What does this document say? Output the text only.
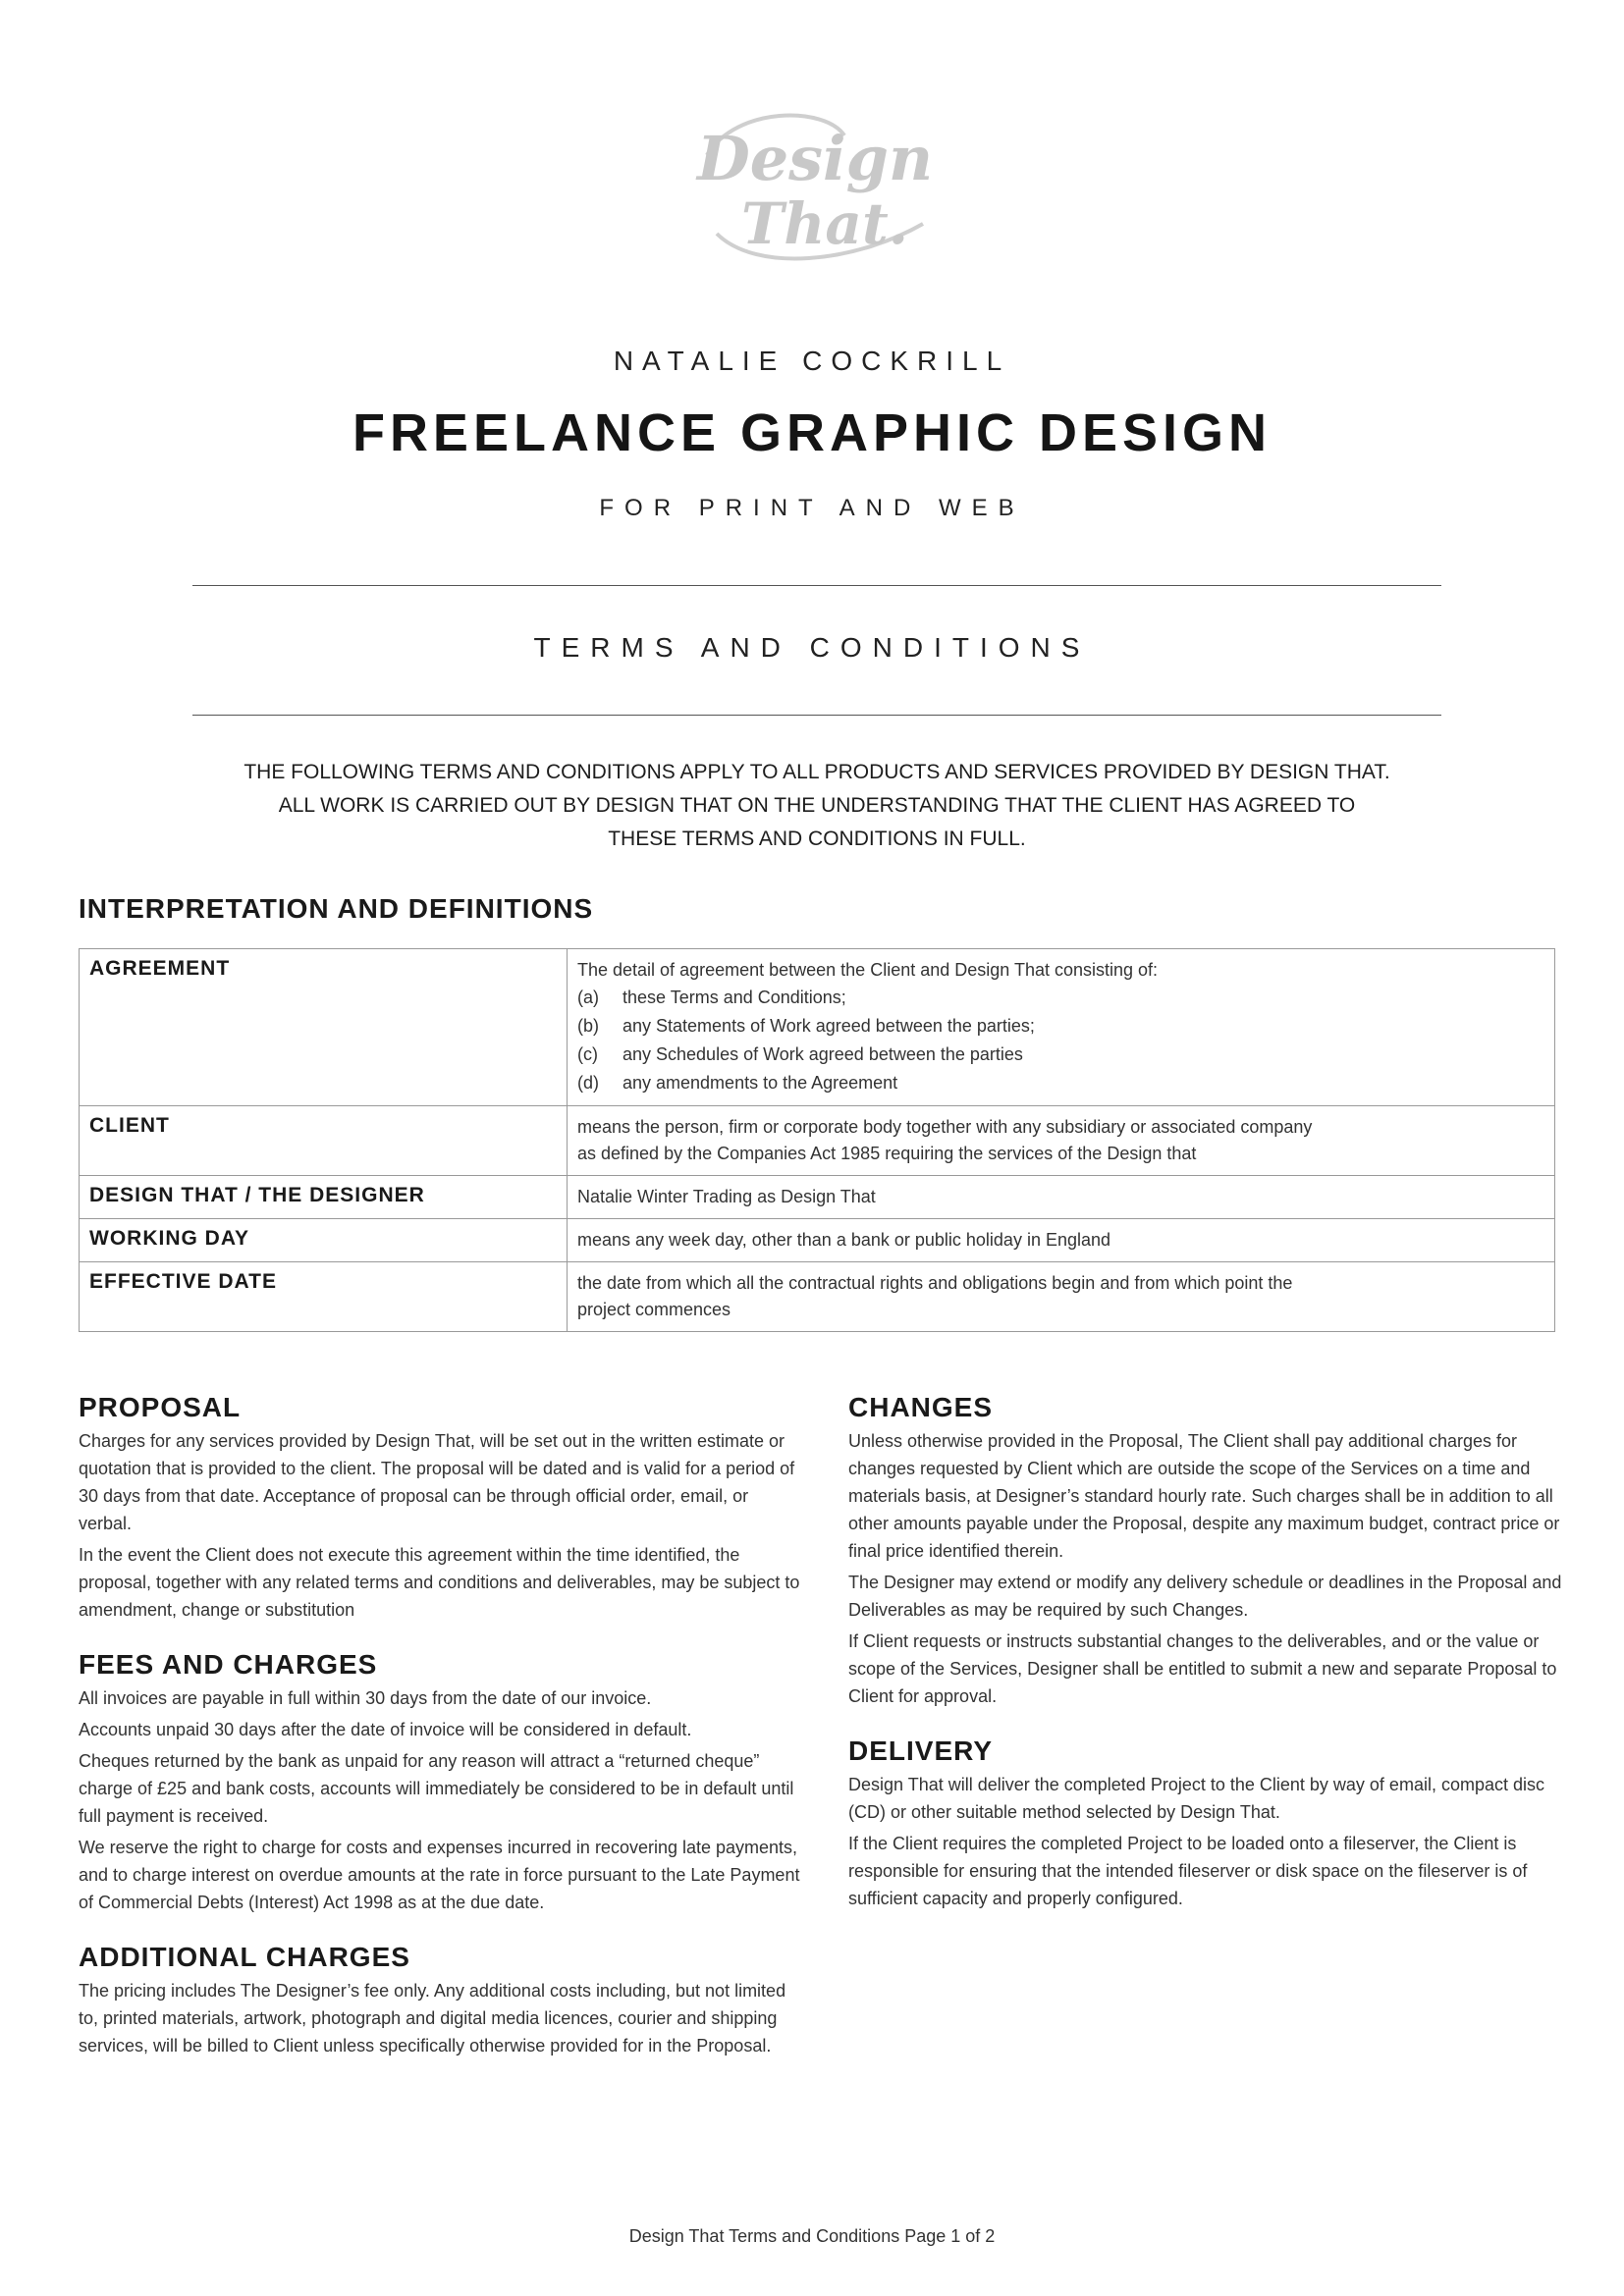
Design
That.
NATALIE COCKRILL
FREELANCE GRAPHIC DESIGN
FOR PRINT AND WEB
TERMS AND CONDITIONS
THE FOLLOWING TERMS AND CONDITIONS APPLY TO ALL PRODUCTS AND SERVICES PROVIDED BY DESIGN THAT.
ALL WORK IS CARRIED OUT BY DESIGN THAT ON THE UNDERSTANDING THAT THE CLIENT HAS AGREED TO
THESE TERMS AND CONDITIONS IN FULL.
INTERPRETATION AND DEFINITIONS
AGREEMENT	The detail of agreement between the Client and Design That consisting of:
(a) these Terms and Conditions;
(b) any Statements of Work agreed between the parties;
(c) any Schedules of Work agreed between the parties
(d) any amendments to the Agreement

CLIENT	means the person, firm or corporate body together with any subsidiary or associated company
as defined by the Companies Act 1985 requiring the services of the Design that

DESIGN THAT / THE DESIGNER	Natalie Winter Trading as Design That

WORKING DAY	means any week day, other than a bank or public holiday in England

EFFECTIVE DATE	the date from which all the contractual rights and obligations begin and from which point the
project commences
PROPOSAL

Charges for any services provided by Design That, will be set out in the written estimate or quotation that is provided to the client. The proposal will be dated and is valid for a period of 30 days from that date. Acceptance of proposal can be through official order, email, or verbal.

In the event the Client does not execute this agreement within the time identified, the proposal, together with any related terms and conditions and deliverables, may be subject to amendment, change or substitution

FEES AND CHARGES

All invoices are payable in full within 30 days from the date of our invoice.

Accounts unpaid 30 days after the date of invoice will be considered in default.

Cheques returned by the bank as unpaid for any reason will attract a “returned cheque” charge of £25 and bank costs, accounts will immediately be considered to be in default until full payment is received.

We reserve the right to charge for costs and expenses incurred in recovering late payments, and to charge interest on overdue amounts at the rate in force pursuant to the Late Payment of Commercial Debts (Interest) Act 1998 as at the due date.

ADDITIONAL CHARGES

The pricing includes The Designer’s fee only. Any additional costs including, but not limited to, printed materials, artwork, photograph and digital media licences, courier and shipping services, will be billed to Client unless specifically otherwise provided for in the Proposal.

CHANGES

Unless otherwise provided in the Proposal, The Client shall pay additional charges for changes requested by Client which are outside the scope of the Services on a time and materials basis, at Designer’s standard hourly rate. Such charges shall be in addition to all other amounts payable under the Proposal, despite any maximum budget, contract price or final price identified therein.

The Designer may extend or modify any delivery schedule or deadlines in the Proposal and Deliverables as may be required by such Changes.

If Client requests or instructs substantial changes to the deliverables, and or the value or scope of the Services, Designer shall be entitled to submit a new and separate Proposal to Client for approval.

DELIVERY

Design That will deliver the completed Project to the Client by way of email, compact disc (CD) or other suitable method selected by Design That.

If the Client requires the completed Project to be loaded onto a fileserver, the Client is responsible for ensuring that the intended fileserver or disk space on the fileserver is of sufficient capacity and properly configured.

Design That Terms and Conditions Page 1 of 2
